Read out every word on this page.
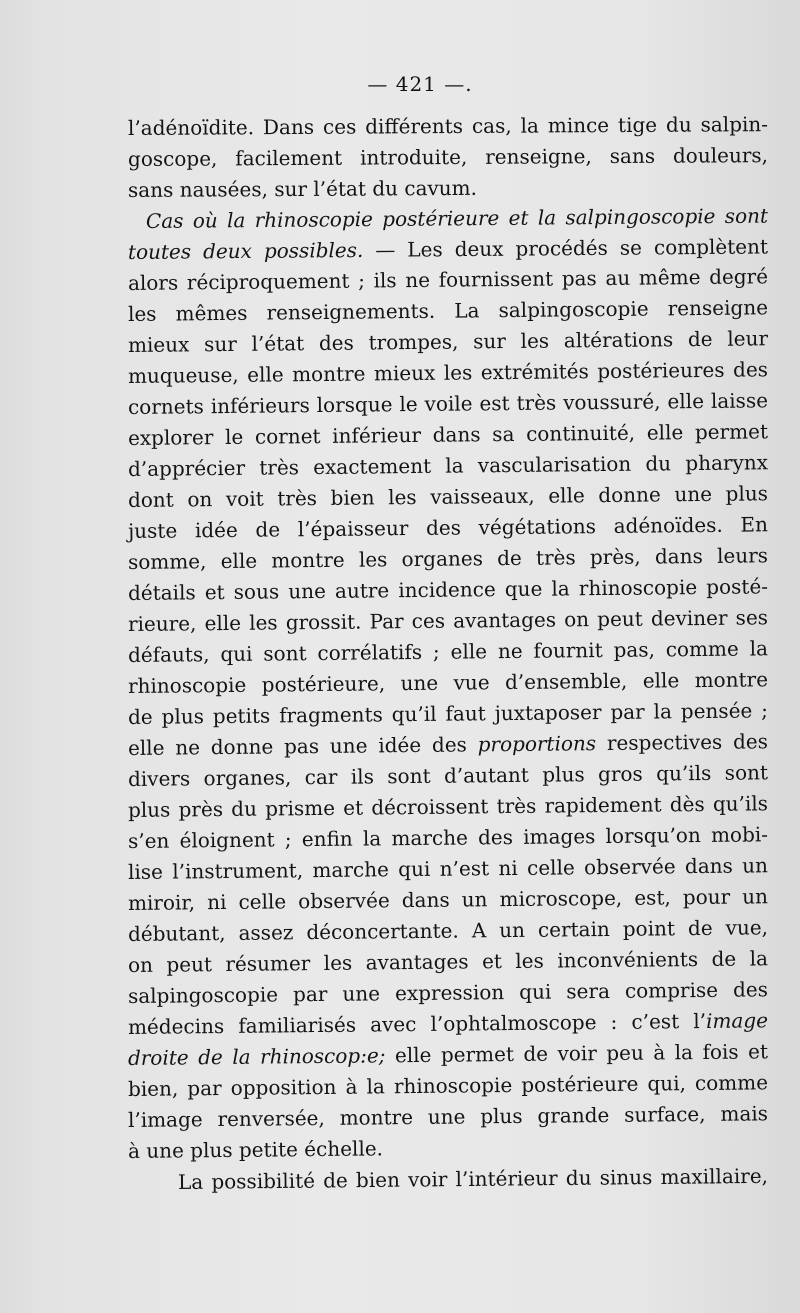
— 421 —.
l’adénoïdite. Dans ces différents cas, la mince tige du salpin-
goscope, facilement introduite, renseigne, sans douleurs,
sans nausées, sur l’état du cavum.
Cas où la rhinoscopie postérieure et la salpingoscopie sont
toutes deux possibles. — Les deux procédés se complètent
alors réciproquement ; ils ne fournissent pas au même degré
les mêmes renseignements. La salpingoscopie renseigne
mieux sur l’état des trompes, sur les altérations de leur
muqueuse, elle montre mieux les extrémités postérieures des
cornets inférieurs lorsque le voile est très voussuré, elle laisse
explorer le cornet inférieur dans sa continuité, elle permet
d’apprécier très exactement la vascularisation du pharynx
dont on voit très bien les vaisseaux, elle donne une plus
juste idée de l’épaisseur des végétations adénoïdes. En
somme, elle montre les organes de très près, dans leurs
détails et sous une autre incidence que la rhinoscopie posté-
rieure, elle les grossit. Par ces avantages on peut deviner ses
défauts, qui sont corrélatifs ; elle ne fournit pas, comme la
rhinoscopie postérieure, une vue d’ensemble, elle montre
de plus petits fragments qu’il faut juxtaposer par la pensée ;
elle ne donne pas une idée des proportions respectives des
divers organes, car ils sont d’autant plus gros qu’ils sont
plus près du prisme et décroissent très rapidement dès qu’ils
s’en éloignent ; enfin la marche des images lorsqu’on mobi-
lise l’instrument, marche qui n’est ni celle observée dans un
miroir, ni celle observée dans un microscope, est, pour un
débutant, assez déconcertante. A un certain point de vue,
on peut résumer les avantages et les inconvénients de la
salpingoscopie par une expression qui sera comprise des
médecins familiarisés avec l’ophtalmoscope : c’est l’image
droite de la rhinoscop:e; elle permet de voir peu à la fois et
bien, par opposition à la rhinoscopie postérieure qui, comme
l’image renversée, montre une plus grande surface, mais
à une plus petite échelle.
La possibilité de bien voir l’intérieur du sinus maxillaire,
